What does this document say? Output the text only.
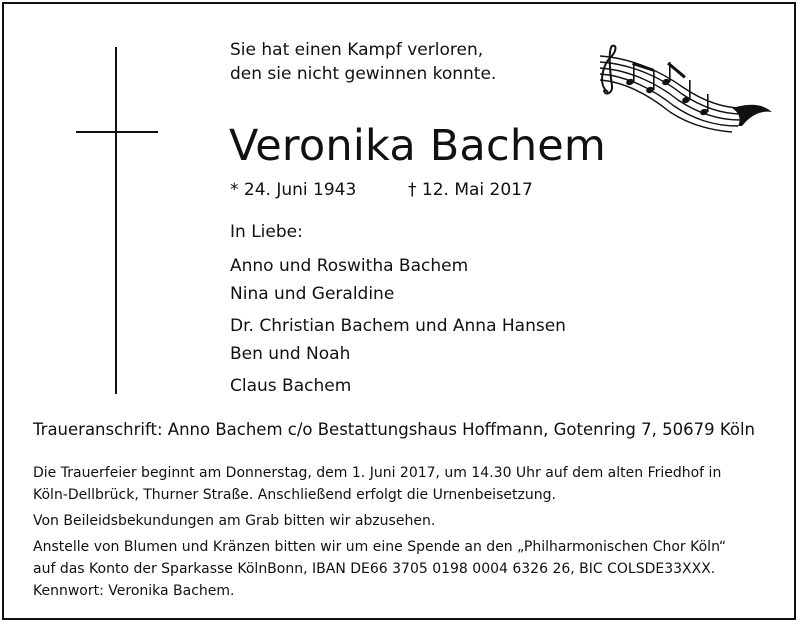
Sie hat einen Kampf verloren,
den sie nicht gewinnen konnte.
Veronika Bachem
* 24. Juni 1943	† 12. Mai 2017
In Liebe:
Anno und Roswitha Bachem
Nina und Geraldine
Dr. Christian Bachem und Anna Hansen
Ben und Noah
Claus Bachem
Traueranschrift: Anno Bachem c/o Bestattungshaus Hoffmann, Gotenring 7, 50679 Köln

Die Trauerfeier beginnt am Donnerstag, dem 1. Juni 2017, um 14.30 Uhr auf dem alten Friedhof in
Köln-Dellbrück, Thurner Straße. Anschließend erfolgt die Urnenbeisetzung.

Von Beileidsbekundungen am Grab bitten wir abzusehen.

Anstelle von Blumen und Kränzen bitten wir um eine Spende an den „Philharmonischen Chor Köln“
auf das Konto der Sparkasse KölnBonn, IBAN DE66 3705 0198 0004 6326 26, BIC COLSDE33XXX.
Kennwort: Veronika Bachem.
